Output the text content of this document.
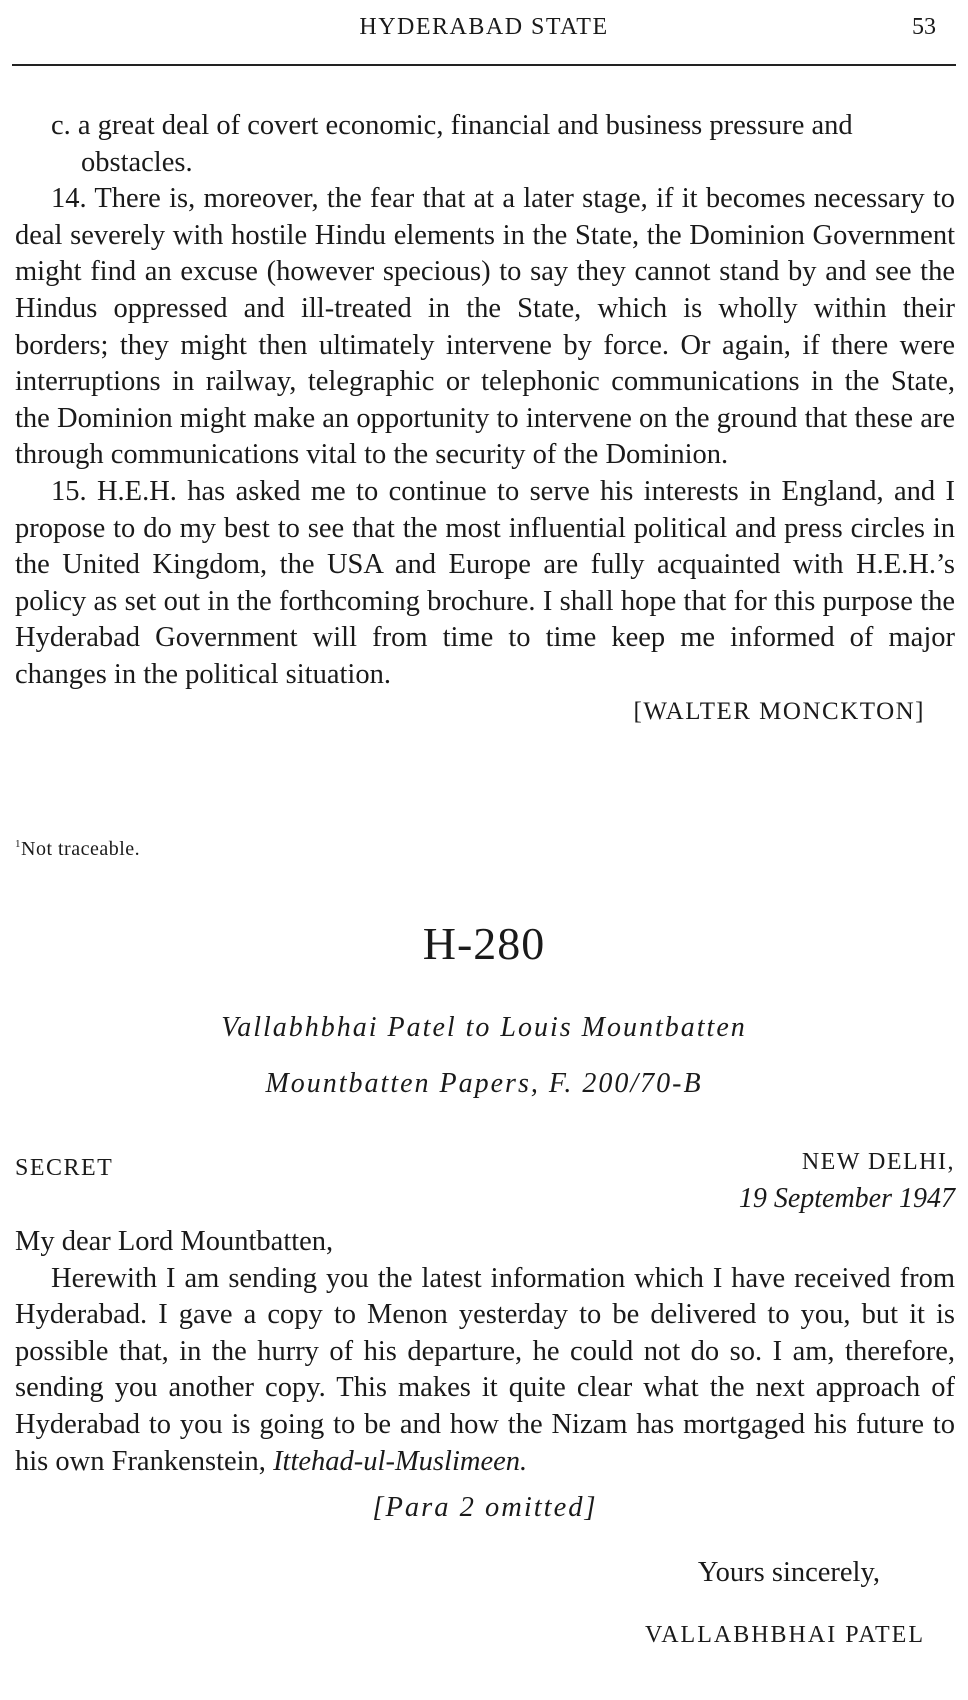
HYDERABAD STATE	53

c. a great deal of covert economic, financial and business pressure and obstacles.

14. There is, moreover, the fear that at a later stage, if it becomes necessary to deal severely with hostile Hindu elements in the State, the Dominion Government might find an excuse (however specious) to say they cannot stand by and see the Hindus oppressed and ill-treated in the State, which is wholly within their borders; they might then ultimately intervene by force. Or again, if there were interruptions in railway, telegraphic or telephonic communications in the State, the Dominion might make an opportunity to intervene on the ground that these are through communications vital to the security of the Dominion.

15. H.E.H. has asked me to continue to serve his interests in England, and I propose to do my best to see that the most influential political and press circles in the United Kingdom, the USA and Europe are fully acquainted with H.E.H.’s policy as set out in the forthcoming brochure. I shall hope that for this purpose the Hyderabad Government will from time to time keep me informed of major changes in the political situation.

[WALTER MONCKTON]

$^1$Not traceable.
H-280
Vallabhbhai Patel to Louis Mountbatten
Mountbatten Papers, F. 200/70-B
SECRET	NEW DELHI,
19 September 1947

My dear Lord Mountbatten,

Herewith I am sending you the latest information which I have received from Hyderabad. I gave a copy to Menon yesterday to be delivered to you, but it is possible that, in the hurry of his departure, he could not do so. I am, therefore, sending you another copy. This makes it quite clear what the next approach of Hyderabad to you is going to be and how the Nizam has mortgaged his future to his own Frankenstein, Ittehad-ul-Muslimeen.

[Para 2 omitted]

Yours sincerely,

VALLABHBHAI PATEL
